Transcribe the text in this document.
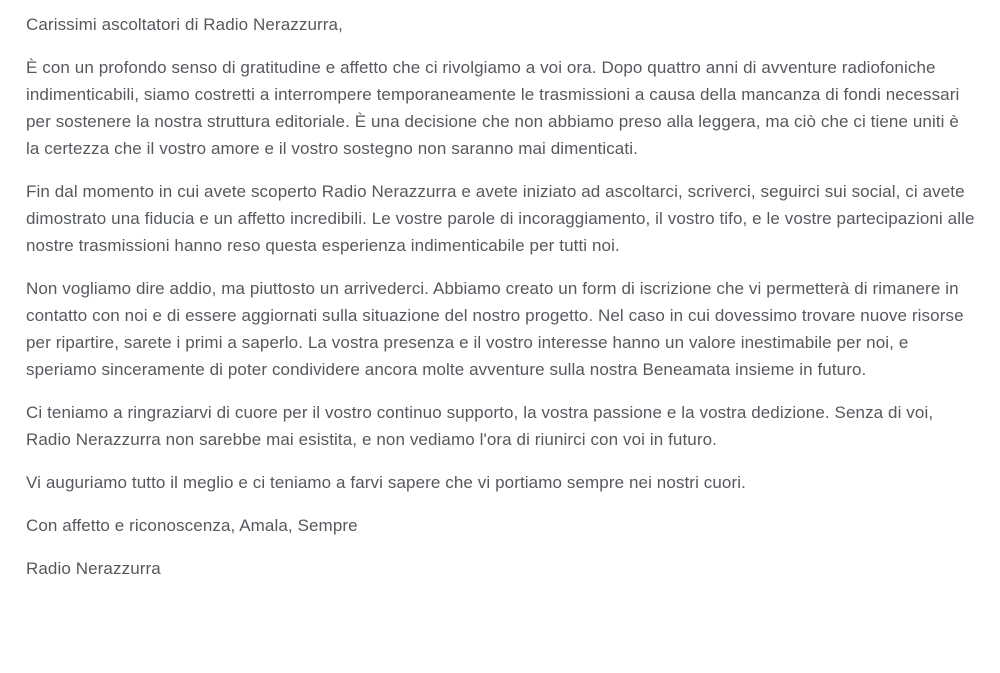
Carissimi ascoltatori di Radio Nerazzurra,

È con un profondo senso di gratitudine e affetto che ci rivolgiamo a voi ora. Dopo quattro anni di avventure radiofoniche indimenticabili, siamo costretti a interrompere temporaneamente le trasmissioni a causa della mancanza di fondi necessari per sostenere la nostra struttura editoriale. È una decisione che non abbiamo preso alla leggera, ma ciò che ci tiene uniti è la certezza che il vostro amore e il vostro sostegno non saranno mai dimenticati.

Fin dal momento in cui avete scoperto Radio Nerazzurra e avete iniziato ad ascoltarci, scriverci, seguirci sui social, ci avete dimostrato una fiducia e un affetto incredibili. Le vostre parole di incoraggiamento, il vostro tifo, e le vostre partecipazioni alle nostre trasmissioni hanno reso questa esperienza indimenticabile per tutti noi.

Non vogliamo dire addio, ma piuttosto un arrivederci. Abbiamo creato un form di iscrizione che vi permetterà di rimanere in contatto con noi e di essere aggiornati sulla situazione del nostro progetto. Nel caso in cui dovessimo trovare nuove risorse per ripartire, sarete i primi a saperlo. La vostra presenza e il vostro interesse hanno un valore inestimabile per noi, e speriamo sinceramente di poter condividere ancora molte avventure sulla nostra Beneamata insieme in futuro.

Ci teniamo a ringraziarvi di cuore per il vostro continuo supporto, la vostra passione e la vostra dedizione. Senza di voi, Radio Nerazzurra non sarebbe mai esistita, e non vediamo l'ora di riunirci con voi in futuro.

Vi auguriamo tutto il meglio e ci teniamo a farvi sapere che vi portiamo sempre nei nostri cuori.

Con affetto e riconoscenza, Amala, Sempre

Radio Nerazzurra
